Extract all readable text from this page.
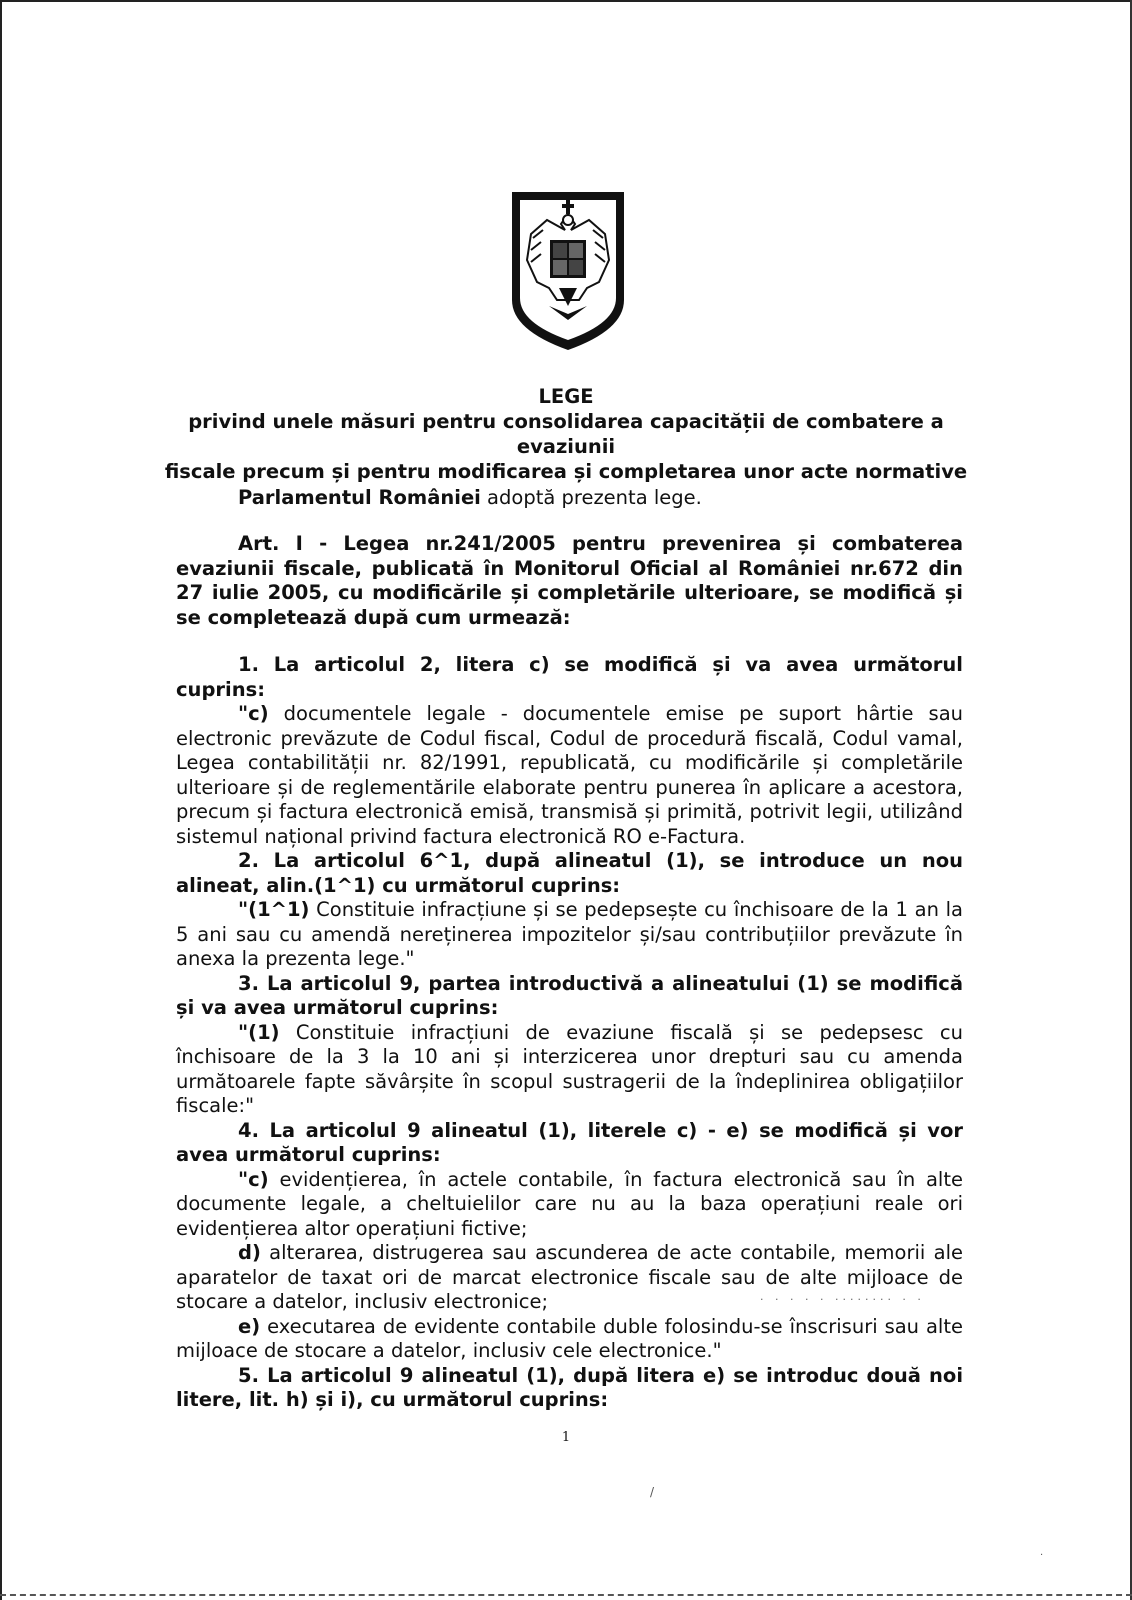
LEGE
privind unele măsuri pentru consolidarea capacității de combatere a evaziunii
fiscale precum și pentru modificarea și completarea unor acte normative
Parlamentul României adoptă prezenta lege.

Art. I - Legea nr.241/2005 pentru prevenirea și combaterea evaziunii fiscale, publicată în Monitorul Oficial al României nr.672 din 27 iulie 2005, cu modificările și completările ulterioare, se modifică și se completează după cum urmează:

1. La articolul 2, litera c) se modifică și va avea următorul cuprins:

"c) documentele legale - documentele emise pe suport hârtie sau electronic prevăzute de Codul fiscal, Codul de procedură fiscală, Codul vamal, Legea contabilității nr. 82/1991, republicată, cu modificările și completările ulterioare și de reglementările elaborate pentru punerea în aplicare a acestora, precum și factura electronică emisă, transmisă și primită, potrivit legii, utilizând sistemul național privind factura electronică RO e-Factura.

2. La articolul 6^1, după alineatul (1), se introduce un nou alineat, alin.(1^1) cu următorul cuprins:

"(1^1) Constituie infracțiune și se pedepsește cu închisoare de la 1 an la 5 ani sau cu amendă nereținerea impozitelor și/sau contribuțiilor prevăzute în anexa la prezenta lege."

3. La articolul 9, partea introductivă a alineatului (1) se modifică și va avea următorul cuprins:

"(1) Constituie infracțiuni de evaziune fiscală și se pedepsesc cu închisoare de la 3 la 10 ani și interzicerea unor drepturi sau cu amenda următoarele fapte săvârșite în scopul sustragerii de la îndeplinirea obligațiilor fiscale:"

4. La articolul 9 alineatul (1), literele c) - e) se modifică și vor avea următorul cuprins:

"c) evidențierea, în actele contabile, în factura electronică sau în alte documente legale, a cheltuielilor care nu au la baza operațiuni reale ori evidențierea altor operațiuni fictive;

d) alterarea, distrugerea sau ascunderea de acte contabile, memorii ale aparatelor de taxat ori de marcat electronice fiscale sau de alte mijloace de stocare a datelor, inclusiv electronice;

e) executarea de evidente contabile duble folosindu-se înscrisuri sau alte mijloace de stocare a datelor, inclusiv cele electronice."

5. La articolul 9 alineatul (1), după litera e) se introduc două noi litere, lit. h) și i), cu următorul cuprins:

1
/
·
. . . . . ........ . .
